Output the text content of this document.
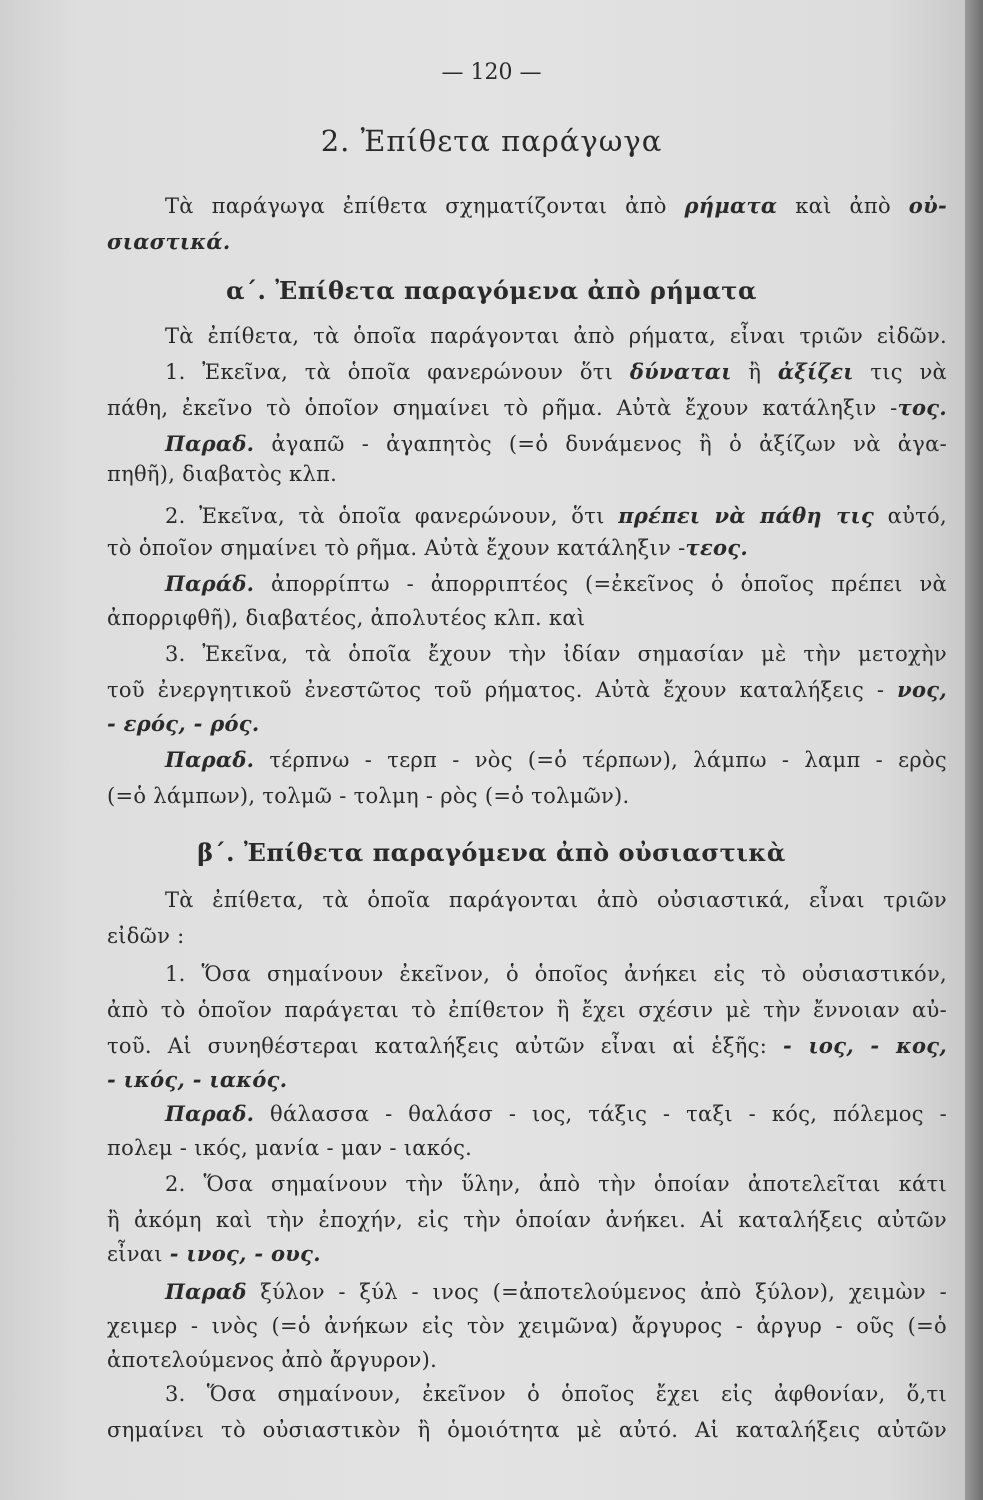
— 120 —
2. Ἐπίθετα παράγωγα
Τὰ παράγωγα ἐπίθετα σχηματίζονται ἀπὸ ρήματα καὶ ἀπὸ οὐ-
σιαστικά.
α΄. Ἐπίθετα παραγόμενα ἀπὸ ρήματα
Τὰ ἐπίθετα, τὰ ὁποῖα παράγονται ἀπὸ ρήματα, εἶναι τριῶν εἰδῶν.
1. Ἐκεῖνα, τὰ ὁποῖα φανερώνουν ὅτι δύναται ἢ ἀξίζει τις νὰ
πάθη, ἐκεῖνο τὸ ὁποῖον σημαίνει τὸ ρῆμα. Αὐτὰ ἔχουν κατάληξιν -τος.
Παραδ. ἀγαπῶ - ἀγαπητὸς (=ὁ δυνάμενος ἢ ὁ ἀξίζων νὰ ἀγα-
πηθῆ), διαβατὸς κλπ.
2. Ἐκεῖνα, τὰ ὁποῖα φανερώνουν, ὅτι πρέπει νὰ πάθη τις αὐτό,
τὸ ὁποῖον σημαίνει τὸ ρῆμα. Αὐτὰ ἔχουν κατάληξιν -τεος.
Παράδ. ἀπορρίπτω - ἀπορριπτέος (=ἐκεῖνος ὁ ὁποῖος πρέπει νὰ
ἀπορριφθῆ), διαβατέος, ἀπολυτέος κλπ. καὶ
3. Ἐκεῖνα, τὰ ὁποῖα ἔχουν τὴν ἰδίαν σημασίαν μὲ τὴν μετοχὴν
τοῦ ἐνεργητικοῦ ἐνεστῶτος τοῦ ρήματος. Αὐτὰ ἔχουν καταλήξεις - νος,
- ερός, - ρός.
Παραδ. τέρπνω - τερπ - νὸς (=ὁ τέρπων), λάμπω - λαμπ - ερὸς
(=ὁ λάμπων), τολμῶ - τολμη - ρὸς (=ὁ τολμῶν).
β΄. Ἐπίθετα παραγόμενα ἀπὸ οὐσιαστικὰ
Τὰ ἐπίθετα, τὰ ὁποῖα παράγονται ἀπὸ οὐσιαστικά, εἶναι τριῶν
εἰδῶν :
1. Ὅσα σημαίνουν ἐκεῖνον, ὁ ὁποῖος ἀνήκει εἰς τὸ οὐσιαστικόν,
ἀπὸ τὸ ὁποῖον παράγεται τὸ ἐπίθετον ἢ ἔχει σχέσιν μὲ τὴν ἔννοιαν αὐ-
τοῦ. Αἱ συνηθέστεραι καταλήξεις αὐτῶν εἶναι αἱ ἑξῆς: - ιος, - κος,
- ικός, - ιακός.
Παραδ. θάλασσα - θαλάσσ - ιος, τάξις - ταξι - κός, πόλεμος -
πολεμ - ικός, μανία - μαν - ιακός.
2. Ὅσα σημαίνουν τὴν ὕλην, ἀπὸ τὴν ὁποίαν ἀποτελεῖται κάτι
ἢ ἀκόμη καὶ τὴν ἐποχήν, εἰς τὴν ὁποίαν ἀνήκει. Αἱ καταλήξεις αὐτῶν
εἶναι - ινος, - ους.
Παραδ ξύλον - ξύλ - ινος (=ἀποτελούμενος ἀπὸ ξύλον), χειμὼν -
χειμερ - ινὸς (=ὁ ἀνήκων εἰς τὸν χειμῶνα) ἄργυρος - ἀργυρ - οῦς (=ὁ
ἀποτελούμενος ἀπὸ ἄργυρον).
3. Ὅσα σημαίνουν, ἐκεῖνον ὁ ὁποῖος ἔχει εἰς ἀφθονίαν, ὅ,τι
σημαίνει τὸ οὐσιαστικὸν ἢ ὁμοιότητα μὲ αὐτό. Αἱ καταλήξεις αὐτῶν
